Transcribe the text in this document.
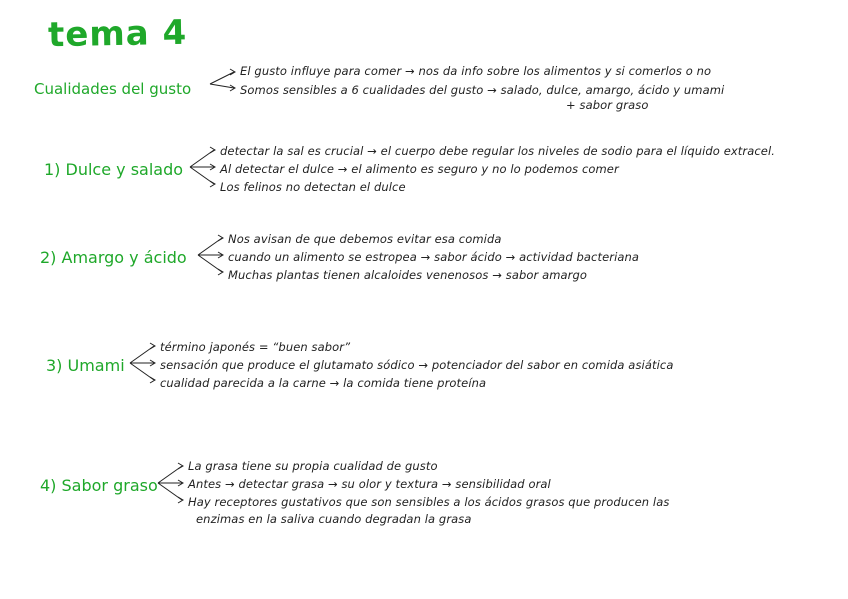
tema 4
Cualidades del gusto
El gusto influye para comer → nos da info sobre los alimentos y si comerlos o no
Somos sensibles a 6 cualidades del gusto → salado, dulce, amargo, ácido y umami
+ sabor graso
1) Dulce y salado
detectar la sal es crucial → el cuerpo debe regular los niveles de sodio para el líquido extracel.
Al detectar el dulce → el alimento es seguro y no lo podemos comer
Los felinos no detectan el dulce
2) Amargo y ácido
Nos avisan de que debemos evitar esa comida
cuando un alimento se estropea → sabor ácido → actividad bacteriana
Muchas plantas tienen alcaloides venenosos → sabor amargo
3) Umami
término japonés = “buen sabor”
sensación que produce el glutamato sódico → potenciador del sabor en comida asiática
cualidad parecida a la carne → la comida tiene proteína
4) Sabor graso
La grasa tiene su propia cualidad de gusto
Antes → detectar grasa → su olor y textura → sensibilidad oral
Hay receptores gustativos que son sensibles a los ácidos grasos que producen las
enzimas en la saliva cuando degradan la grasa
